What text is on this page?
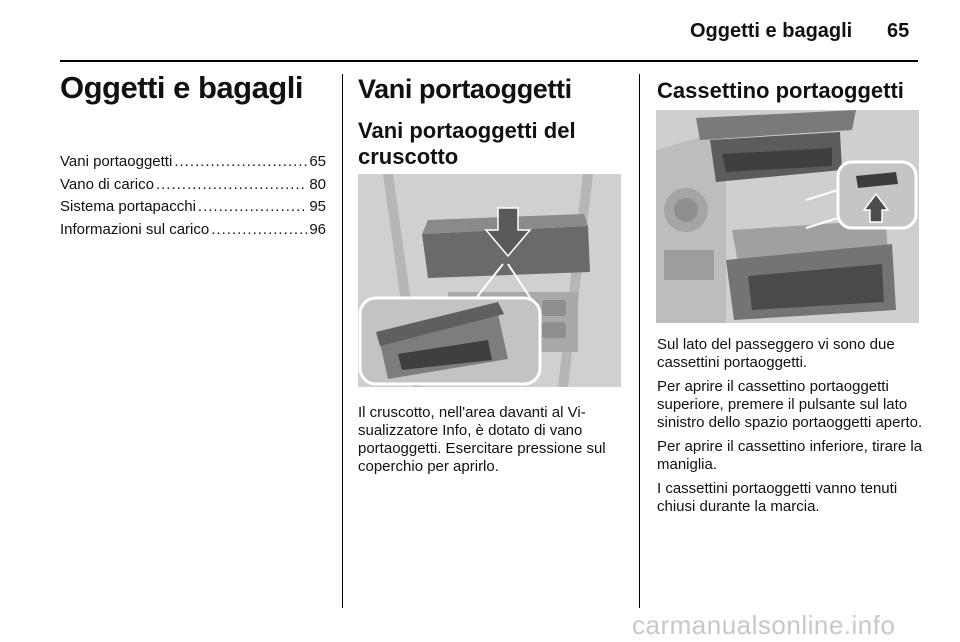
Oggetti e bagagli 65
Oggetti e bagagli
Vani portaoggetti .....	65
Vano di carico .....	80
Sistema portapacchi .....	95
Informazioni sul carico .....	96
Vani portaoggetti
Vani portaoggetti del cruscotto

Il cruscotto, nell'area davanti al Vi-sualizzatore Info, è dotato di vano portaoggetti. Esercitare pressione sul coperchio per aprirlo.

Cassettino portaoggetti

Sul lato del passeggero vi sono due cassettini portaoggetti.

Per aprire il cassettino portaoggetti superiore, premere il pulsante sul lato sinistro dello spazio portaoggetti aperto.

Per aprire il cassettino inferiore, tirare la maniglia.

I cassettini portaoggetti vanno tenuti chiusi durante la marcia.

carmanualsonline.info
